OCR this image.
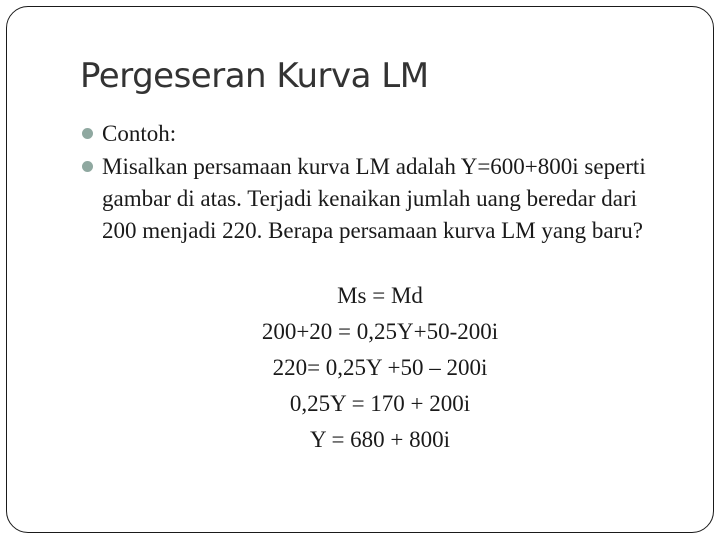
Pergeseran Kurva LM
Contoh:
Misalkan persamaan kurva LM adalah Y=600+800i seperti gambar di atas. Terjadi kenaikan jumlah uang beredar dari 200 menjadi 220. Berapa persamaan kurva LM yang baru?
Ms = Md
200+20 = 0,25Y+50-200i
220= 0,25Y +50 – 200i
0,25Y = 170 + 200i
Y = 680 + 800i
